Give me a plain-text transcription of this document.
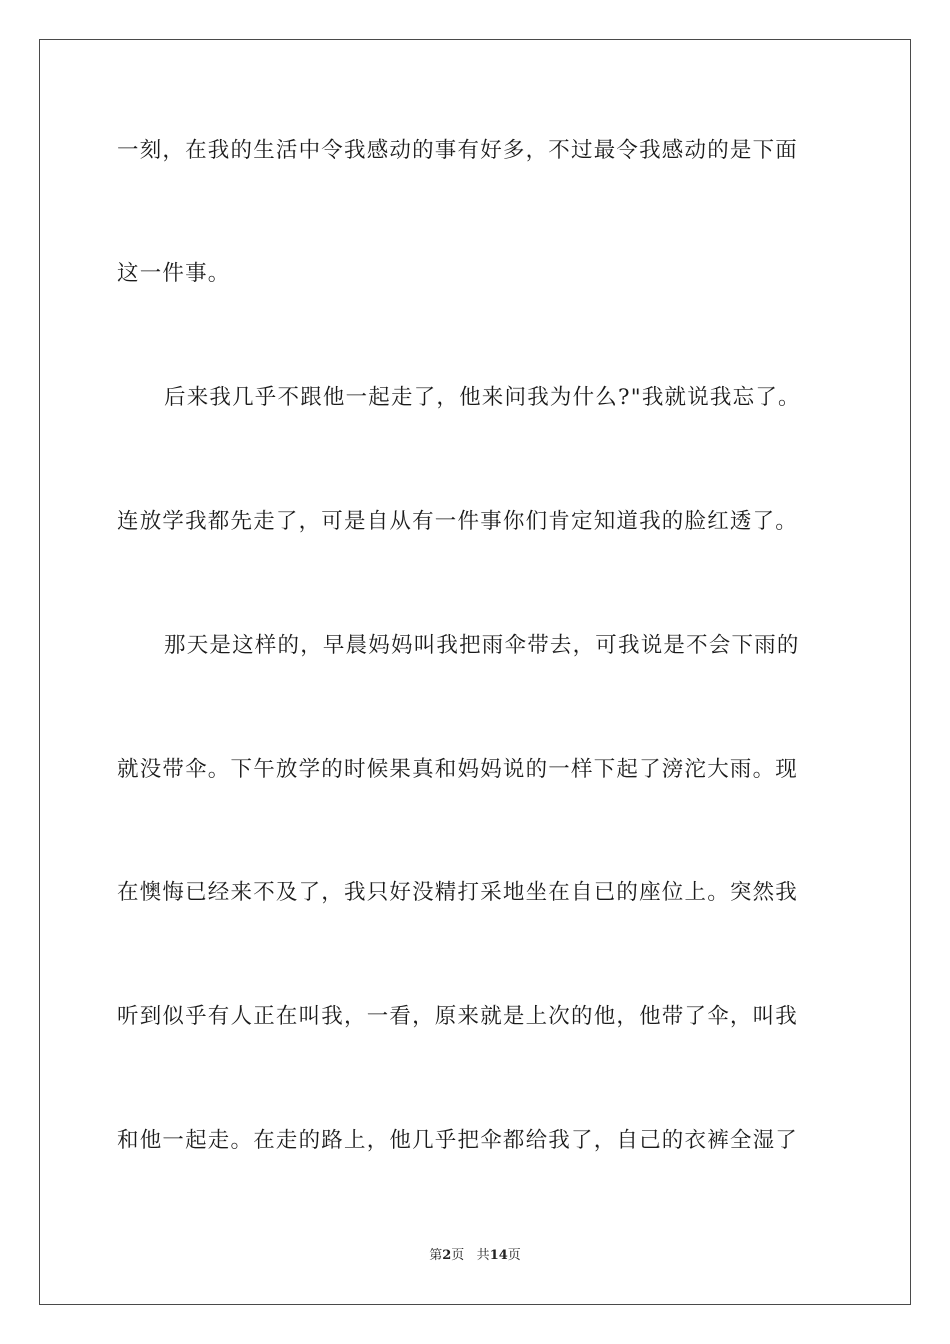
一刻，在我的生活中令我感动的事有好多，不过最令我感动的是下面
这一件事。
后来我几乎不跟他一起走了，他来问我为什么?"我就说我忘了。
连放学我都先走了，可是自从有一件事你们肯定知道我的脸红透了。
那天是这样的，早晨妈妈叫我把雨伞带去，可我说是不会下雨的
就没带伞。下午放学的时候果真和妈妈说的一样下起了滂沱大雨。现
在懊悔已经来不及了，我只好没精打采地坐在自已的座位上。突然我
听到似乎有人正在叫我，一看，原来就是上次的他，他带了伞，叫我
和他一起走。在走的路上，他几乎把伞都给我了，自己的衣裤全湿了
第2页 共14页
